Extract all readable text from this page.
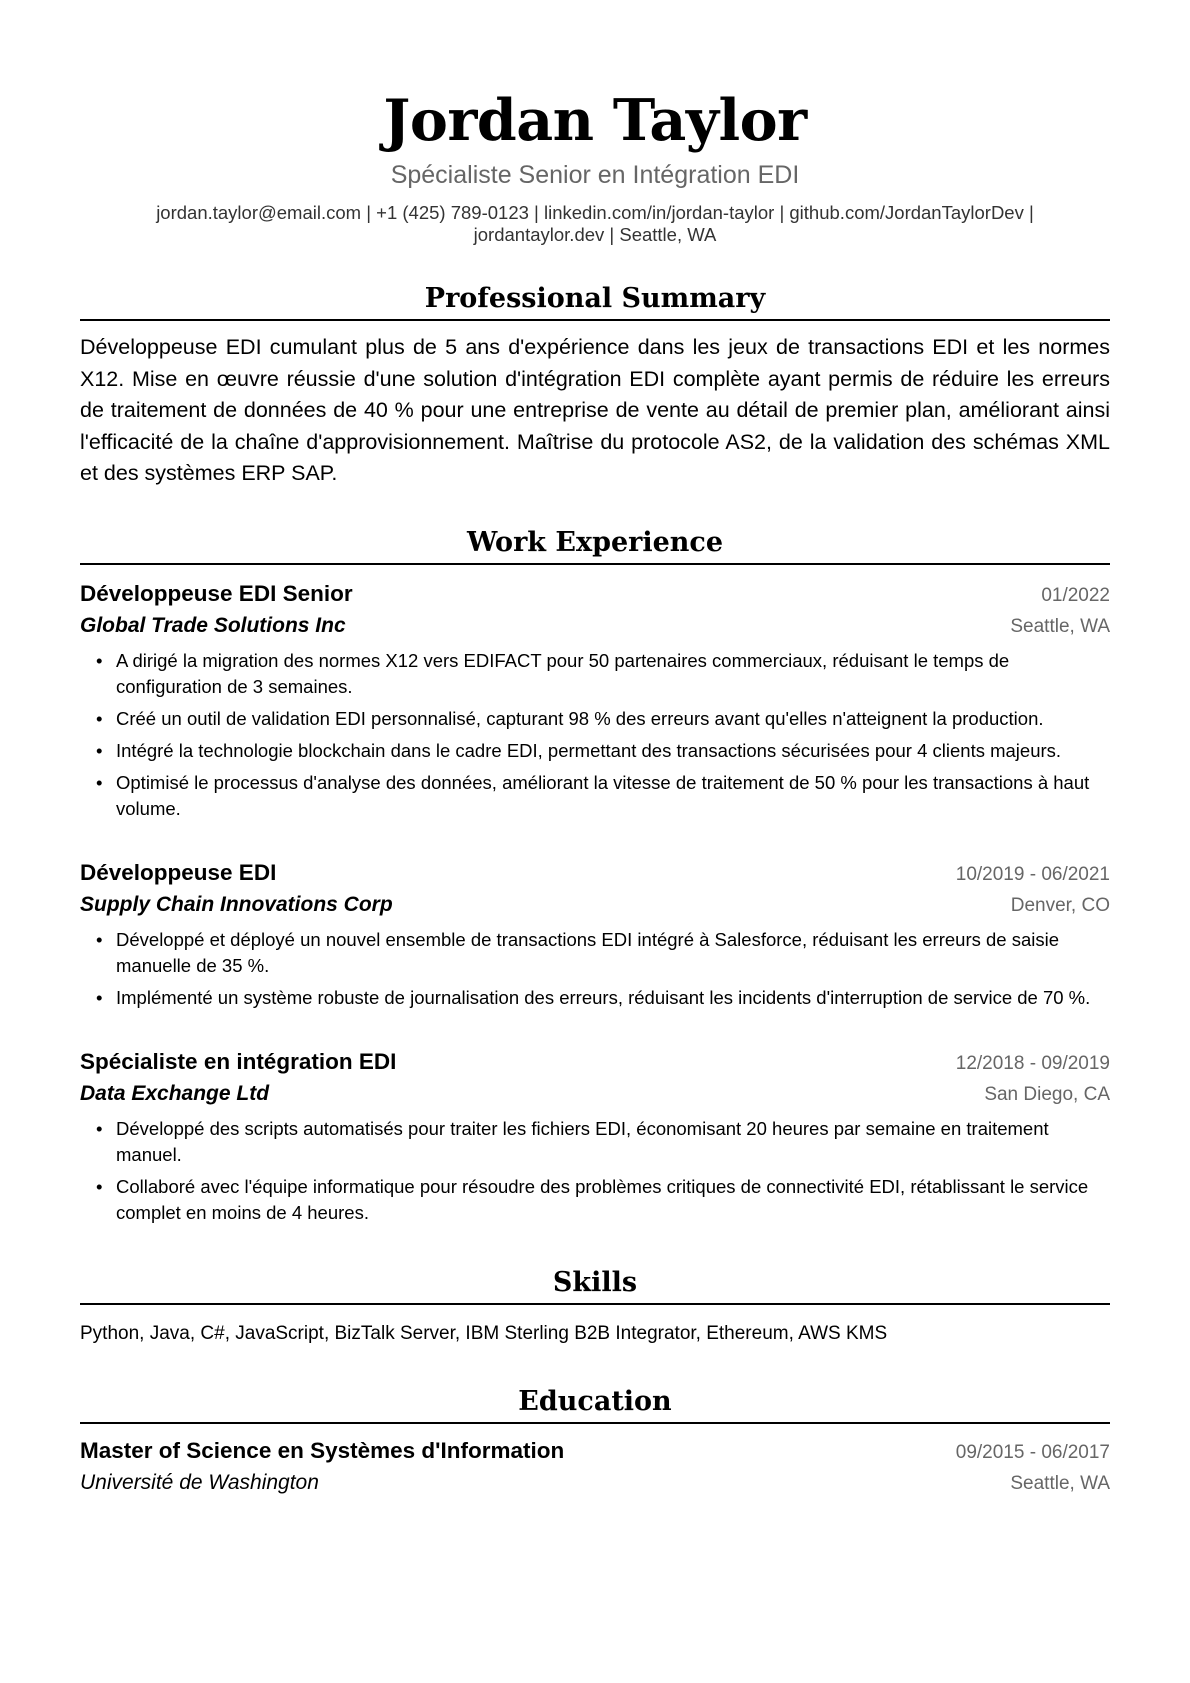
Jordan Taylor
Spécialiste Senior en Intégration EDI
jordan.taylor@email.com | +1 (425) 789-0123 | linkedin.com/in/jordan-taylor | github.com/JordanTaylorDev |
jordantaylor.dev | Seattle, WA
Professional Summary
Développeuse EDI cumulant plus de 5 ans d'expérience dans les jeux de transactions EDI et les normes X12. Mise en œuvre réussie d'une solution d'intégration EDI complète ayant permis de réduire les erreurs de traitement de données de 40 % pour une entreprise de vente au détail de premier plan, améliorant ainsi l'efficacité de la chaîne d'approvisionnement. Maîtrise du protocole AS2, de la validation des schémas XML et des systèmes ERP SAP.
Work Experience
Développeuse EDI Senior	01/2022
Global Trade Solutions Inc	Seattle, WA
• A dirigé la migration des normes X12 vers EDIFACT pour 50 partenaires commerciaux, réduisant le temps de configuration de 3 semaines.
• Créé un outil de validation EDI personnalisé, capturant 98 % des erreurs avant qu'elles n'atteignent la production.
• Intégré la technologie blockchain dans le cadre EDI, permettant des transactions sécurisées pour 4 clients majeurs.
• Optimisé le processus d'analyse des données, améliorant la vitesse de traitement de 50 % pour les transactions à haut volume.
Développeuse EDI	10/2019 - 06/2021
Supply Chain Innovations Corp	Denver, CO
• Développé et déployé un nouvel ensemble de transactions EDI intégré à Salesforce, réduisant les erreurs de saisie manuelle de 35 %.
• Implémenté un système robuste de journalisation des erreurs, réduisant les incidents d'interruption de service de 70 %.
Spécialiste en intégration EDI	12/2018 - 09/2019
Data Exchange Ltd	San Diego, CA
• Développé des scripts automatisés pour traiter les fichiers EDI, économisant 20 heures par semaine en traitement manuel.
• Collaboré avec l'équipe informatique pour résoudre des problèmes critiques de connectivité EDI, rétablissant le service complet en moins de 4 heures.
Skills
Python, Java, C#, JavaScript, BizTalk Server, IBM Sterling B2B Integrator, Ethereum, AWS KMS
Education
Master of Science en Systèmes d'Information	09/2015 - 06/2017
Université de Washington	Seattle, WA
